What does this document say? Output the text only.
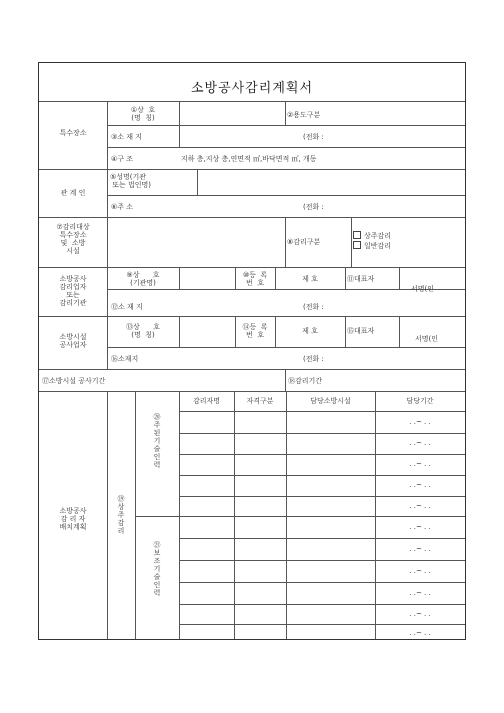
소방공사감리계획서
특수장소
①상  호
(명  칭)	②용도구분
③소 재 지	(전화 :
④구 조	지하 층,지상 층,연면적 ㎡,바닥면적 ㎡, 개동
관 계 인
⑤성명(기관
또는 법인명)
⑥주 소	(전화 :
⑦감리대상
특수장소
및  소방
시설
⑧감리구분
상주감리
일반감리
소방공사
감리업자
또는
감리기관
⑨상      호
(기관명)
⑩등  록
번  호	제 호	⑪대표자
서명(인
⑫소 재 지	(전화 :
소방시설
공사업자
⑬상      호
(명  칭)
⑭등  록
번  호	제 호	⑮대표자
서명(인
⑯소재지	(전화 :
⑰소방시설 공사기간	⑱감리기간
소방공사
감 리 자
배치계획
⑲상주감리
⑳주된기술인력
㉑보조기술인력
감리자명	자격구분	담당소방시설	담당기간
. .~ . .
. .~ . .
. .~ . .
. .~ . .
. .~ . .
. .~ . .
. .~ . .
. .~ . .
. .~ . .
. .~ . .
. .~ . .
